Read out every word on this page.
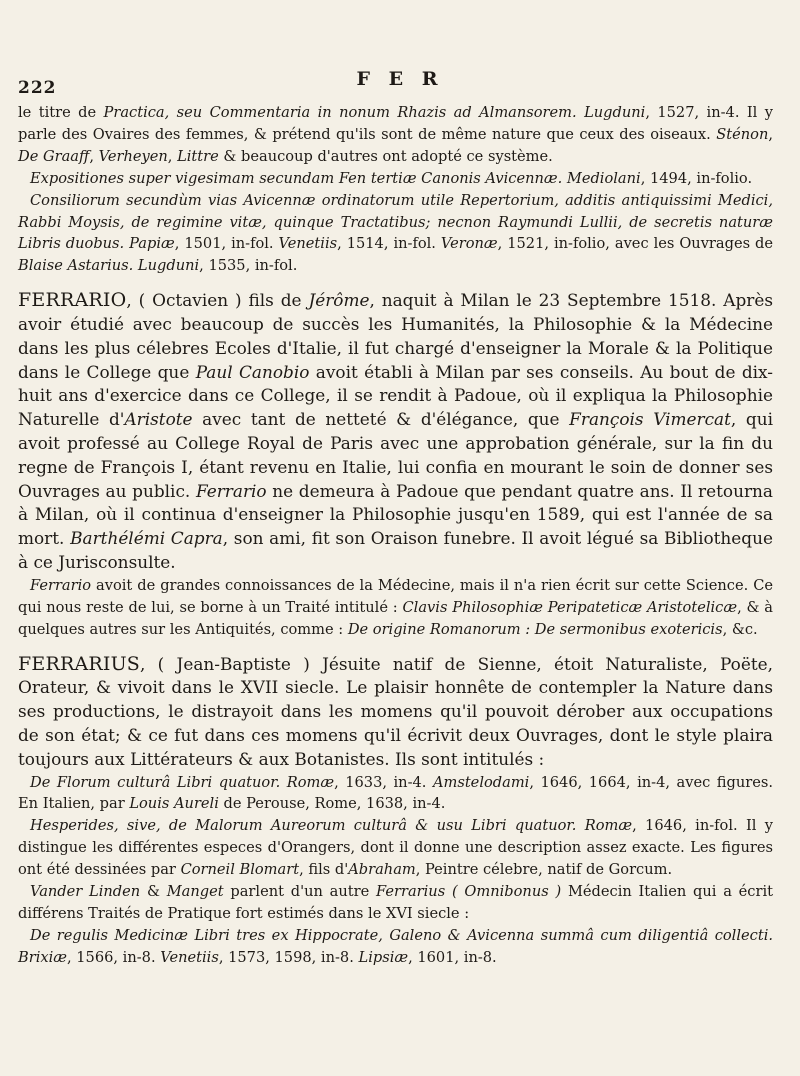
222	F E R

le titre de Practica, seu Commentaria in nonum Rhazis ad Almansorem. Lugduni, 1527, in-4. Il y parle des Ovaires des femmes, & prétend qu'ils sont de même nature que ceux des oiseaux. Sténon, De Graaff, Verheyen, Littre & beaucoup d'autres ont adopté ce système.

Expositiones super vigesimam secundam Fen tertiæ Canonis Avicennæ. Mediolani, 1494, in-folio.

Consiliorum secundùm vias Avicennæ ordinatorum utile Repertorium, additis antiquissimi Medici, Rabbi Moysis, de regimine vitæ, quinque Tractatibus; necnon Raymundi Lullii, de secretis naturæ Libris duobus. Papiæ, 1501, in-fol. Venetiis, 1514, in-fol. Veronæ, 1521, in-folio, avec les Ouvrages de Blaise Astarius. Lugduni, 1535, in-fol.

FERRARIO, ( Octavien ) fils de Jérôme, naquit à Milan le 23 Septembre 1518. Après avoir étudié avec beaucoup de succès les Humanités, la Philosophie & la Médecine dans les plus célebres Ecoles d'Italie, il fut chargé d'enseigner la Morale & la Politique dans le College que Paul Canobio avoit établi à Milan par ses conseils. Au bout de dix-huit ans d'exercice dans ce College, il se rendit à Padoue, où il expliqua la Philosophie Naturelle d'Aristote avec tant de netteté & d'élégance, que François Vimercat, qui avoit professé au College Royal de Paris avec une approbation générale, sur la fin du regne de François I, étant revenu en Italie, lui confia en mourant le soin de donner ses Ouvrages au public. Ferrario ne demeura à Padoue que pendant quatre ans. Il retourna à Milan, où il continua d'enseigner la Philosophie jusqu'en 1589, qui est l'année de sa mort. Barthélémi Capra, son ami, fit son Oraison funebre. Il avoit légué sa Bibliotheque à ce Jurisconsulte.

Ferrario avoit de grandes connoissances de la Médecine, mais il n'a rien écrit sur cette Science. Ce qui nous reste de lui, se borne à un Traité intitulé : Clavis Philosophiæ Peripateticæ Aristotelicæ, & à quelques autres sur les Antiquités, comme : De origine Romanorum : De sermonibus exotericis, &c.

FERRARIUS, ( Jean-Baptiste ) Jésuite natif de Sienne, étoit Naturaliste, Poëte, Orateur, & vivoit dans le XVII siecle. Le plaisir honnête de contempler la Nature dans ses productions, le distrayoit dans les momens qu'il pouvoit dérober aux occupations de son état; & ce fut dans ces momens qu'il écrivit deux Ouvrages, dont le style plaira toujours aux Littérateurs & aux Botanistes. Ils sont intitulés :

De Florum culturâ Libri quatuor. Romæ, 1633, in-4. Amstelodami, 1646, 1664, in-4, avec figures. En Italien, par Louis Aureli de Perouse, Rome, 1638, in-4.

Hesperides, sive, de Malorum Aureorum culturâ & usu Libri quatuor. Romæ, 1646, in-fol. Il y distingue les différentes especes d'Orangers, dont il donne une description assez exacte. Les figures ont été dessinées par Corneil Blomart, fils d'Abraham, Peintre célebre, natif de Gorcum.

Vander Linden & Manget parlent d'un autre Ferrarius ( Omnibonus ) Médecin Italien qui a écrit différens Traités de Pratique fort estimés dans le XVI siecle :

De regulis Medicinæ Libri tres ex Hippocrate, Galeno & Avicenna summâ cum diligentiâ collecti. Brixiæ, 1566, in-8. Venetiis, 1573, 1598, in-8. Lipsiæ, 1601, in-8.
